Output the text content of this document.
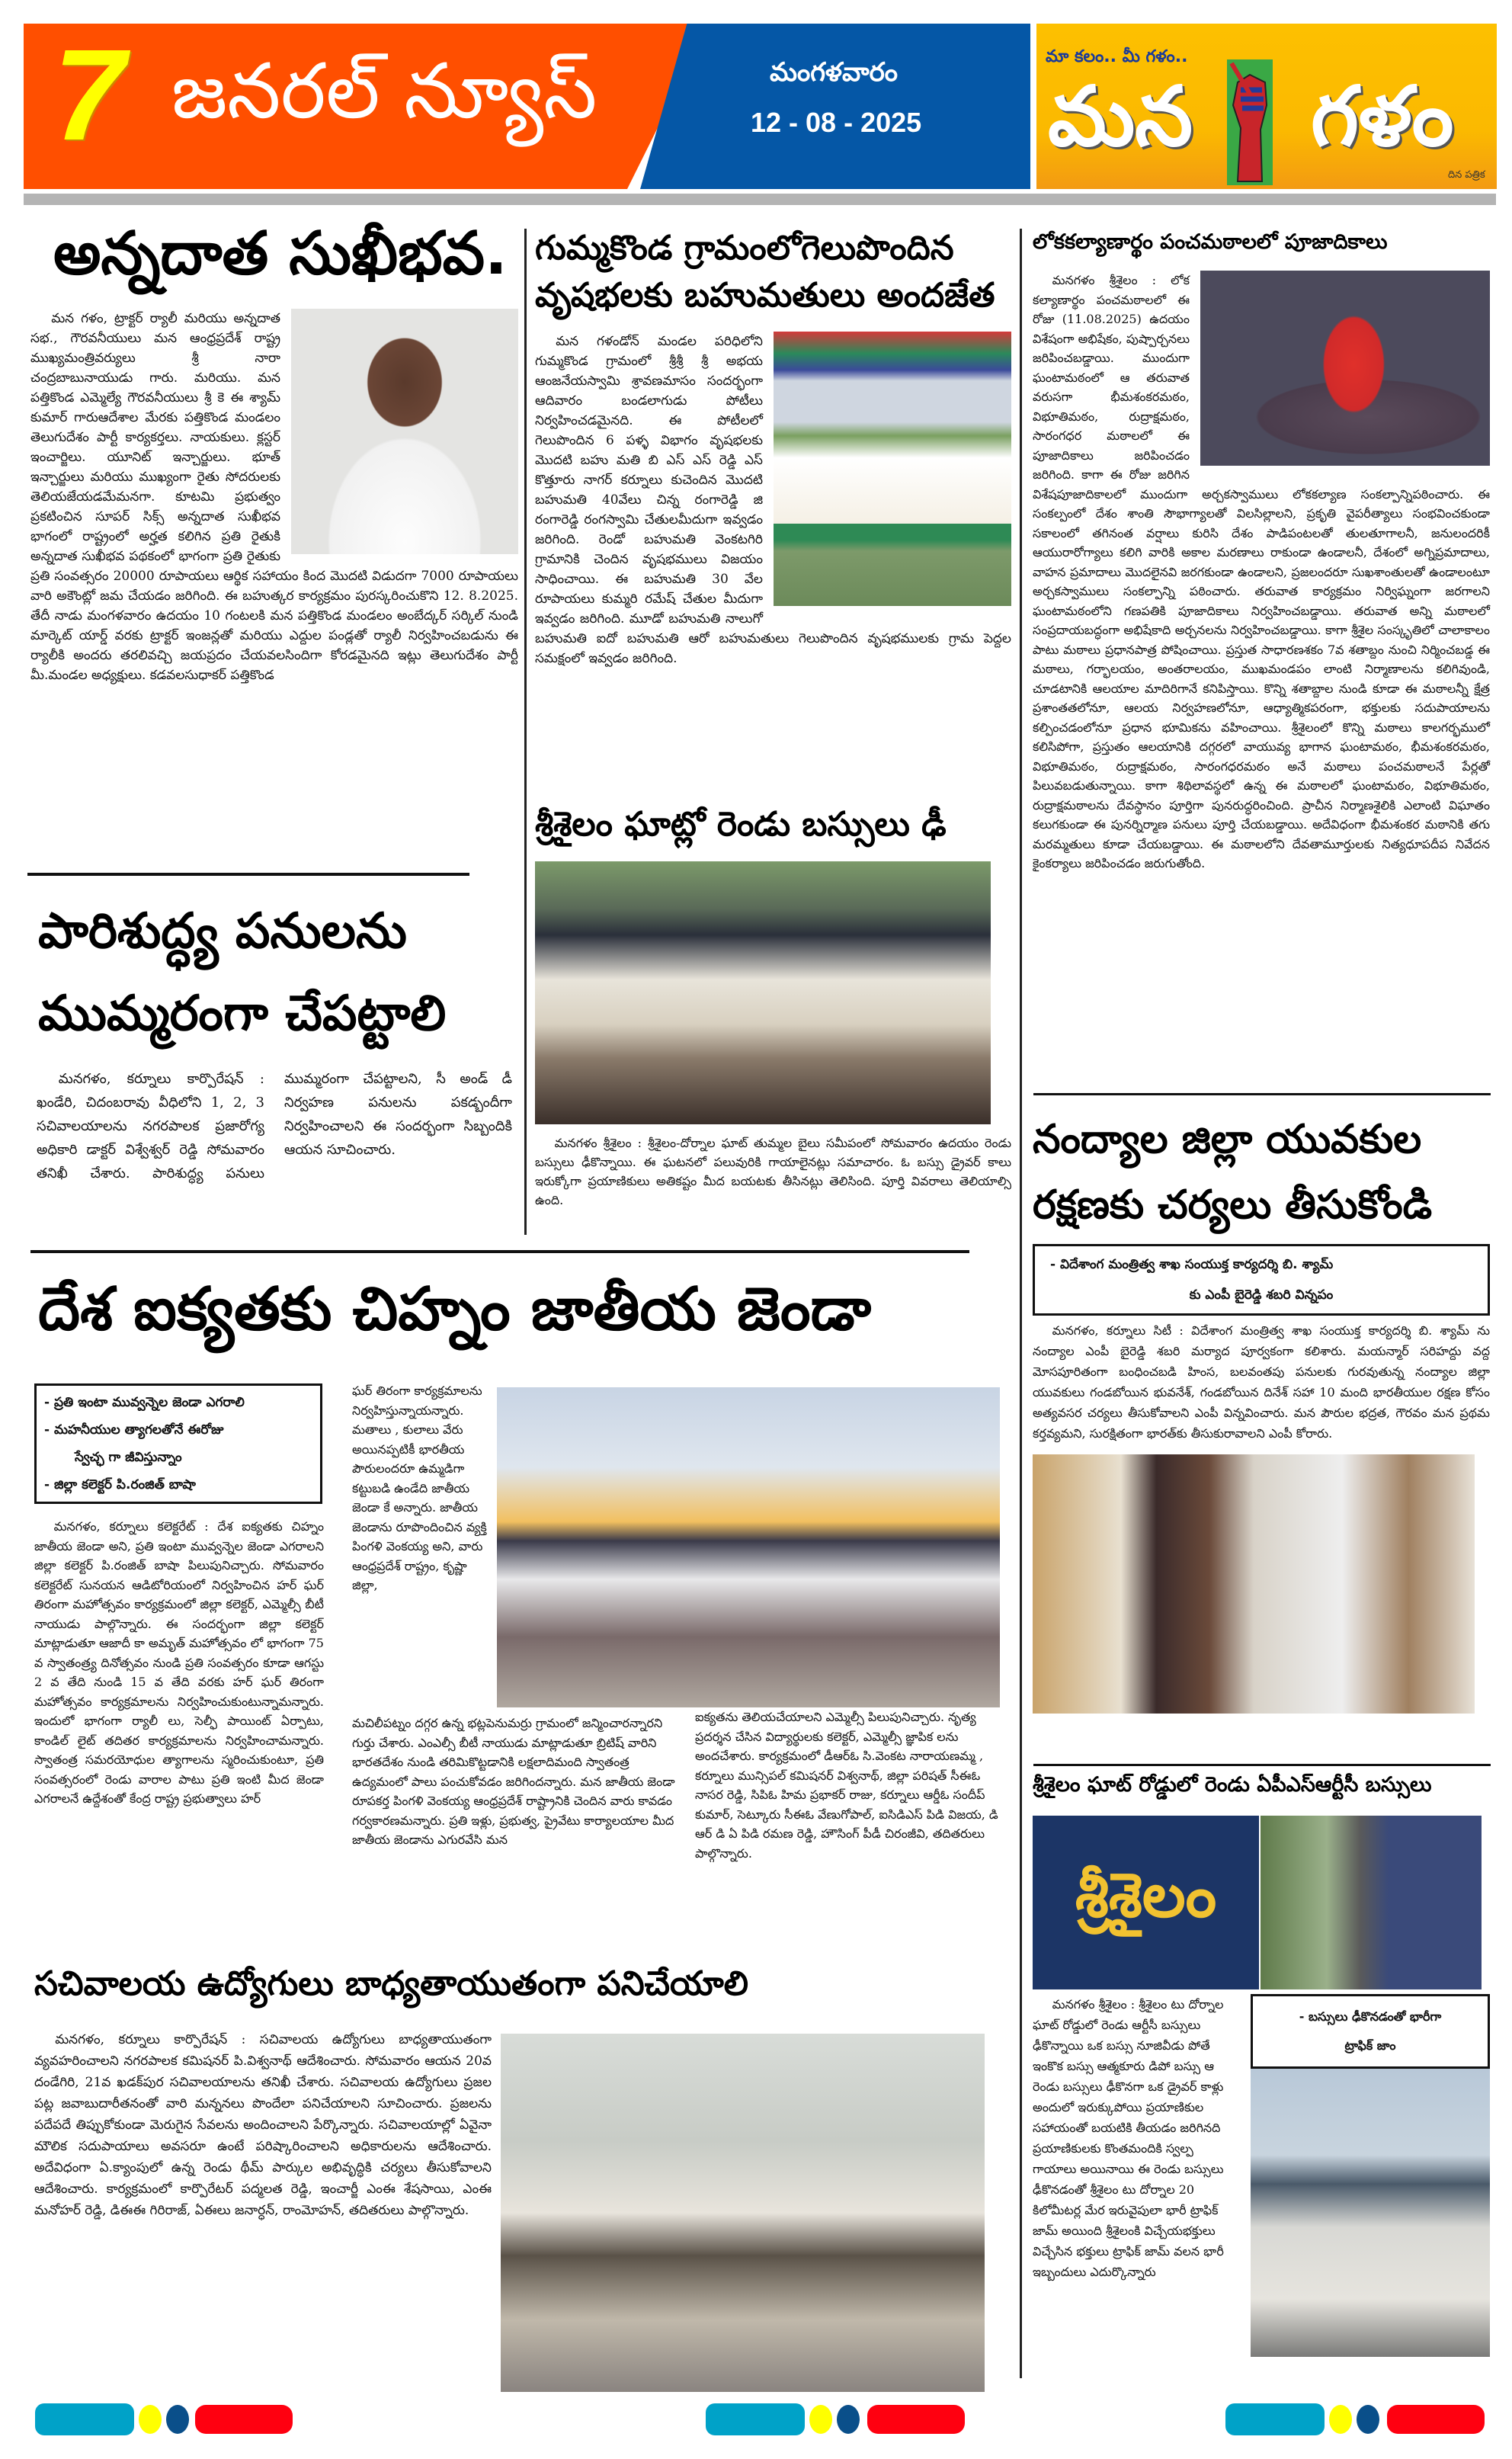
7 జనరల్ న్యూస్	మంగళవారం
12 - 08 - 2025
మా కలం.. మీ గళం..
మన గళం
దిన పత్రిక
అన్నదాత సుఖీభవ.

మన గళం, ట్రాక్టర్ ర్యాలీ మరియు అన్నదాత సభ., గౌరవనీయులు మన ఆంధ్రప్రదేశ్ రాష్ట్ర ముఖ్యమంత్రివర్యులు శ్రీ నారా చంద్రబాబునాయుడు గారు. మరియు. మన పత్తికొండ ఎమ్మెల్యే గౌరవనీయులు శ్రీ కె ఈ శ్యామ్ కుమార్ గారుఆదేశాల మేరకు పత్తికొండ మండలం తెలుగుదేశం పార్టీ కార్యకర్తలు. నాయకులు. క్లస్టర్ ఇంచార్జిలు. యూనిట్ ఇన్చార్జులు. భూత్ ఇన్చార్జులు మరియు ముఖ్యంగా రైతు సోదరులకు తెలియజేయడమేమనగా. కూటమి ప్రభుత్వం ప్రకటించిన సూపర్ సిక్స్ అన్నదాత సుఖీభవ భాగంలో రాష్ట్రంలో అర్హత కలిగిన ప్రతి రైతుకి అన్నదాత సుఖీభవ పథకంలో భాగంగా ప్రతి రైతుకు ప్రతి సంవత్సరం 20000 రూపాయలు ఆర్థిక సహాయం కింద మొదటి విడుదగా 7000 రూపాయలు వారి అకౌంట్లో జమ చేయడం జరిగింది. ఈ బహుత్కర కార్యక్రమం పురస్కరించుకొని 12. 8.2025. తేదీ నాడు మంగళవారం ఉదయం 10 గంటలకి మన పత్తికొండ మండలం అంబేద్కర్ సర్కిల్ నుండి మార్కెట్ యార్డ్ వరకు ట్రాక్టర్ ఇంజన్లతో మరియు ఎద్దుల పండ్లతో ర్యాలీ నిర్వహించబడును ఈ ర్యాలీకి అందరు తరలివచ్చి జయప్రదం చేయవలసిందిగా కోరడమైనది ఇట్లు తెలుగుదేశం పార్టీ మీ.మండల అధ్యక్షులు. కడవలసుధాకర్ పత్తికొండ

పారిశుద్ధ్య పనులను
ముమ్మరంగా చేపట్టాలి

మనగళం, కర్నూలు కార్పొరేషన్ : ఖండేరి, చిదంబరావు వీధిలోని 1, 2, 3 సచివాలయాలను నగరపాలక ప్రజారోగ్య అధికారి డాక్టర్ విశ్వేశ్వర్ రెడ్డి సోమవారం తనిఖీ చేశారు. పారిశుద్ధ్య పనులు ముమ్మరంగా చేపట్టాలని, సీ అండ్ డీ నిర్వహణ పనులను పకడ్బందీగా నిర్వహించాలని ఈ సందర్భంగా సిబ్బందికి ఆయన సూచించారు.

గుమ్మకొండ గ్రామంలోగెలుపొందిన
వృషభలకు బహుమతులు అందజేత

మన గళండోన్ మండల పరిధిలోని గుమ్మకొండ గ్రామంలో శ్రీశ్రీ శ్రీ అభయ ఆంజనేయస్వామి శ్రావణమాసం సందర్భంగా ఆదివారం బండలాగుడు పోటీలు నిర్వహించడమైనది. ఈ పోటీలలో గెలుపొందిన 6 పళ్ళ విభాగం వృషభలకు మొదటి బహు మతి బి ఎస్ ఎస్ రెడ్డి ఎస్ కొత్తూరు నాగర్ కర్నూలు కుచెందిన మొదటి బహుమతి 40వేలు చిన్న రంగారెడ్డి జి రంగారెడ్డి రంగస్వామి చేతులమీదుగా ఇవ్వడం జరిగింది. రెండో బహుమతి వెంకటగిరి గ్రామానికి చెందిన వృషభములు విజయం సాధించాయి. ఈ బహుమతి 30 వేల రూపాయలు కుమ్మరి రమేష్ చేతుల మీదుగా ఇవ్వడం జరిగింది. మూడో బహుమతి నాలుగో బహుమతి ఐదో బహుమతి ఆరో బహుమతులు గెలుపొందిన వృషభములకు గ్రామ పెద్దల సమక్షంలో ఇవ్వడం జరిగింది.

శ్రీశైలం ఘాట్లో రెండు బస్సులు ఢీ

మనగళం శ్రీశైలం : శ్రీశైలం-దోర్నాల ఘాట్ తుమ్మల బైలు సమీపంలో సోమవారం ఉదయం రెండు బస్సులు ఢీకొన్నాయి. ఈ ఘటనలో పలువురికి గాయాలైనట్లు సమాచారం. ఓ బస్సు డ్రైవర్ కాలు ఇరుక్కోగా ప్రయాణికులు అతికష్టం మీద బయటకు తీసినట్లు తెలిసింది. పూర్తి వివరాలు తెలియాల్సి ఉంది.

లోకకల్యాణార్థం పంచమఠాలలో పూజాదికాలు

మనగళం శ్రీశైలం : లోక కల్యాణార్థం పంచమఠాలలో ఈ రోజు (11.08.2025) ఉదయం విశేషంగా అభిషేకం, పుష్పార్చనలు జరిపించబడ్డాయి. ముందుగా ఘంటామఠంలో ఆ తరువాత వరుసగా భీమశంకరమఠం, విభూతిమఠం, రుద్రాక్షమఠం, సారంగధర మఠాలలో ఈ పూజాదికాలు జరిపించడం జరిగింది. కాగా ఈ రోజు జరిగిన విశేషపూజాదికాలలో ముందుగా అర్చకస్వాములు లోకకల్యాణ సంకల్పాన్నిపఠించారు. ఈ సంకల్పంలో దేశం శాంతి సౌభాగ్యాలతో విలసిల్లాలని, ప్రకృతి వైపరీత్యాలు సంభవించకుండా సకాలంలో తగినంత వర్షాలు కురిసి దేశం పాడిపంటలతో తులతూగాలనీ, జనులందరికీ ఆయురారోగ్యాలు కలిగి వారికి అకాల మరణాలు రాకుండా ఉండాలనీ, దేశంలో అగ్నిప్రమాదాలు, వాహన ప్రమాదాలు మొదలైనవి జరగకుండా ఉండాలని, ప్రజలందరూ సుఖశాంతులతో ఉండాలంటూ అర్చకస్వాములు సంకల్పాన్ని పఠించారు. తరువాత కార్యక్రమం నిర్విఘ్నంగా జరగాలని ఘంటామఠంలోని గణపతికి పూజాదికాలు నిర్వహించబడ్డాయి. తరువాత అన్ని మఠాలలో సంప్రదాయబద్ధంగా అభిషేకాది అర్చనలను నిర్వహించబడ్డాయి. కాగా శ్రీశైల సంస్కృతిలో చాలాకాలం పాటు మఠాలు ప్రధానపాత్ర పోషించాయి. ప్రస్తుత సాధారణశకం 7వ శతాబ్దం నుంచి నిర్మించబడ్డ ఈ మఠాలు, గర్భాలయం, అంతరాలయం, ముఖమండపం లాంటి నిర్మాణాలను కలిగివుండి, చూడటానికి ఆలయాల మాదిరిగానే కనిపిస్తాయి. కొన్ని శతాబ్దాల నుండి కూడా ఈ మఠాలన్నీ క్షేత్ర ప్రశాంతతలోనూ, ఆలయ నిర్వహణలోనూ, ఆధ్యాత్మికపరంగా, భక్తులకు సదుపాయాలను కల్పించడంలోనూ ప్రధాన భూమికను వహించాయి. శ్రీశైలంలో కొన్ని మఠాలు కాలగర్భములో కలిసిపోగా, ప్రస్తుతం ఆలయానికి దగ్గరలో వాయువ్య భాగాన ఘంటామఠం, భీమశంకరమఠం, విభూతిమఠం, రుద్రాక్షమఠం, సారంగధరమఠం అనే మఠాలు పంచమఠాలనే పేర్లతో పిలువబడుతున్నాయి. కాగా శిథిలావస్థలో ఉన్న ఈ మఠాలలో ఘంటామఠం, విభూతిమఠం, రుద్రాక్షమఠాలను దేవస్థానం పూర్తిగా పునరుద్ధరించింది. ప్రాచీన నిర్మాణశైలికి ఎలాంటి విఘాతం కలుగకుండా ఈ పునర్నిర్మాణ పనులు పూర్తి చేయబడ్డాయి. అదేవిధంగా భీమశంకర మఠానికి తగు మరమ్మతులు కూడా చేయబడ్డాయి. ఈ మఠాలలోని దేవతామూర్తులకు నిత్యధూపదీప నివేదన కైంకర్యాలు జరిపించడం జరుగుతోంది.

నంద్యాల జిల్లా యువకుల
రక్షణకు చర్యలు తీసుకోండి
- విదేశాంగ మంత్రిత్వ శాఖ సంయుక్త కార్యదర్శి బి. శ్యామ్
కు ఎంపీ బైరెడ్డి శబరి విన్నపం

మనగళం, కర్నూలు సిటీ : విదేశాంగ మంత్రిత్వ శాఖ సంయుక్త కార్యదర్శి బి. శ్యామ్ ను నంద్యాల ఎంపీ బైరెడ్డి శబరి మర్యాద పూర్వకంగా కలిశారు. మయన్మార్ సరిహద్దు వద్ద మోసపూరితంగా బంధించబడి హింస, బలవంతపు పనులకు గురవుతున్న నంద్యాల జిల్లా యువకులు గండబోయిన భువనేశ్, గండబోయిన దినేశ్ సహా 10 మంది భారతీయుల రక్షణ కోసం అత్యవసర చర్యలు తీసుకోవాలని ఎంపీ విన్నవించారు. మన పౌరుల భద్రత, గౌరవం మన ప్రథమ కర్తవ్యమని, సురక్షితంగా భారత్‌కు తీసుకురావాలని ఎంపీ కోరారు.

శ్రీశైలం ఘాట్ రోడ్డులో రెండు ఏపీఎస్ఆర్టీసీ బస్సులు
శ్రీశైలం

మనగళం శ్రీశైలం : శ్రీశైలం టు దోర్నాల ఘాట్ రోడ్డులో రెండు ఆర్టీసీ బస్సులు ఢీకొన్నాయి ఒక బస్సు నూజివీడు పోతే ఇంకొక బస్సు ఆత్మకూరు డిపో బస్సు ఆ రెండు బస్సులు ఢీకొనగా ఒక డ్రైవర్ కాళ్లు అందులో ఇరుక్కుపోయి ప్రయాణికుల సహాయంతో బయటికి తీయడం జరిగినది ప్రయాణికులకు కొంతమందికి స్వల్ప గాయాలు అయినాయి ఈ రెండు బస్సులు ఢీకొనడంతో శ్రీశైలం టు దోర్నాల 20 కిలోమీటర్ల మేర ఇరువైపులా భారీ ట్రాఫిక్ జామ్ అయింది శ్రీశైలంకి విచ్చేయభక్తులు విచ్చేసిన భక్తులు ట్రాఫిక్ జామ్ వలన భారీ ఇబ్బందులు ఎదుర్కొన్నారు

- బస్సులు ఢీకొనడంతో భారీగా
ట్రాఫిక్ జాం
దేశ ఐక్యతకు చిహ్నం జాతీయ జెండా
- ప్రతి ఇంటా మువ్వన్నెల జెండా ఎగరాలి
- మహనీయుల త్యాగలతోనే ఈరోజు
స్వేచ్ఛ గా జీవిస్తున్నాం
- జిల్లా కలెక్టర్ పి.రంజిత్ బాషా

మనగళం, కర్నూలు కలెక్టరేట్ : దేశ ఐక్యతకు చిహ్నం జాతీయ జెండా అని, ప్రతి ఇంటా మువ్వన్నెల జెండా ఎగరాలని జిల్లా కలెక్టర్ పి.రంజిత్ బాషా పిలుపునిచ్చారు. సోమవారం కలెక్టరేట్ సునయన ఆడిటోరియంలో నిర్వహించిన హర్ ఘర్ తిరంగా మహోత్సవం కార్యక్రమంలో జిల్లా కలెక్టర్, ఎమ్మెల్సీ బీటీ నాయుడు పాల్గొన్నారు. ఈ సందర్భంగా జిల్లా కలెక్టర్ మాట్లాడుతూ ఆజాదీ కా అమృత్ మహోత్సవం లో భాగంగా 75 వ స్వాతంత్ర్య దినోత్సవం నుండి ప్రతి సంవత్సరం కూడా ఆగస్టు 2 వ తేది నుండి 15 వ తేది వరకు హర్ ఘర్ తిరంగా మహోత్సవం కార్యక్రమాలను నిర్వహించుకుంటున్నామన్నారు. ఇందులో భాగంగా ర్యాలీ లు, సెల్ఫీ పాయింట్ ఏర్పాటు, కాండిల్ లైట్ తదితర కార్యక్రమాలను నిర్వహించామన్నారు. స్వాతంత్ర సమరయోధుల త్యాగాలను స్మరించుకుంటూ, ప్రతి సంవత్సరంలో రెండు వారాల పాటు ప్రతి ఇంటి మీద జెండా ఎగరాలనే ఉద్దేశంతో కేంద్ర రాష్ట్ర ప్రభుత్వాలు హర్

ఘర్ తిరంగా కార్యక్రమాలను నిర్వహిస్తున్నాయన్నారు. మతాలు , కులాలు వేరు అయినప్పటికీ భారతీయ పౌరులందరూ ఉమ్మడిగా కట్టుబడి ఉండేది జాతీయ జెండా కే అన్నారు. జాతీయ జెండాను రూపొందించిన వ్యక్తి పింగళి వెంకయ్య అని, వారు ఆంధ్రప్రదేశ్ రాష్ట్రం, కృష్ణా జిల్లా,

మచిలీపట్నం దగ్గర ఉన్న భట్లపెనుమర్రు గ్రామంలో జన్మించారన్నారని గుర్తు చేశారు. ఎంఎల్సీ బీటీ నాయుడు మాట్లాడుతూ బ్రిటిష్ వారిని భారతదేశం నుండి తరిమికొట్టడానికి లక్షలాదిమంది స్వాతంత్ర ఉద్యమంలో పాలు పంచుకోవడం జరిగిందన్నారు. మన జాతీయ జెండా రూపకర్త పింగళి వెంకయ్య ఆంధ్రప్రదేశ్ రాష్ట్రానికి చెందిన వారు కావడం గర్వకారణమన్నారు. ప్రతి ఇళ్లు, ప్రభుత్వ, ప్రైవేటు కార్యాలయాల మీద జాతీయ జెండాను ఎగురవేసి మన

ఐక్యతను తెలియచేయాలని ఎమ్మెల్సీ పిలుపునిచ్చారు. నృత్య ప్రదర్శన చేసిన విద్యార్థులకు కలెక్టర్, ఎమ్మెల్సీ జ్ఞాపిక లను అందచేశారు. కార్యక్రమంలో డీఆర్ఓ సి.వెంకట నారాయణమ్మ , కర్నూలు మున్సిపల్ కమిషనర్ విశ్వనాథ్, జిల్లా పరిషత్ సీఈఓ నాసర రెడ్డి, సిపిఓ హిమ ప్రభాకర్ రాజు, కర్నూలు ఆర్డీఓ సందీప్ కుమార్, సెట్కూరు సీఈఓ వేణుగోపాల్, ఐసిడిఎస్ పిడి విజయ, డి ఆర్ డి ఏ పిడి రమణ రెడ్డి, హౌసింగ్ పీడీ చిరంజీవి, తదితరులు పాల్గొన్నారు.

సచివాలయ ఉద్యోగులు బాధ్యతాయుతంగా పనిచేయాలి

మనగళం, కర్నూలు కార్పొరేషన్ : సచివాలయ ఉద్యోగులు బాధ్యతాయుతంగా వ్యవహరించాలని నగరపాలక కమిషనర్ పి.విశ్వనాథ్ ఆదేశించారు. సోమవారం ఆయన 20వ దండేగిరి, 21వ ఖడక్‌పుర సచివాలయాలను తనిఖీ చేశారు. సచివాలయ ఉద్యోగులు ప్రజల పట్ల జవాబుదారీతనంతో వారి మన్ననలు పొందేలా పనిచేయాలని సూచించారు. ప్రజలను పదేపదే తిప్పుకోకుండా మెరుగైన సేవలను అందించాలని పేర్కొన్నారు. సచివాలయాల్లో ఏవైనా మౌలిక సదుపాయాలు అవసరూ ఉంటే పరిష్కారించాలని అధికారులను ఆదేశించారు. అదేవిధంగా ఏ.క్యాంపులో ఉన్న రెండు థీమ్ పార్కుల అభివృద్ధికి చర్యలు తీసుకోవాలని ఆదేశించారు. కార్యక్రమంలో కార్పొరేటర్ పద్మలత రెడ్డి, ఇంచార్జీ ఎంఈ శేషసాయి, ఎంఈ మనోహర్ రెడ్డి, డిఈఈ గిరిరాజ్, ఏఈలు జనార్ధన్, రాంమోహన్, తదితరులు పాల్గొన్నారు.
